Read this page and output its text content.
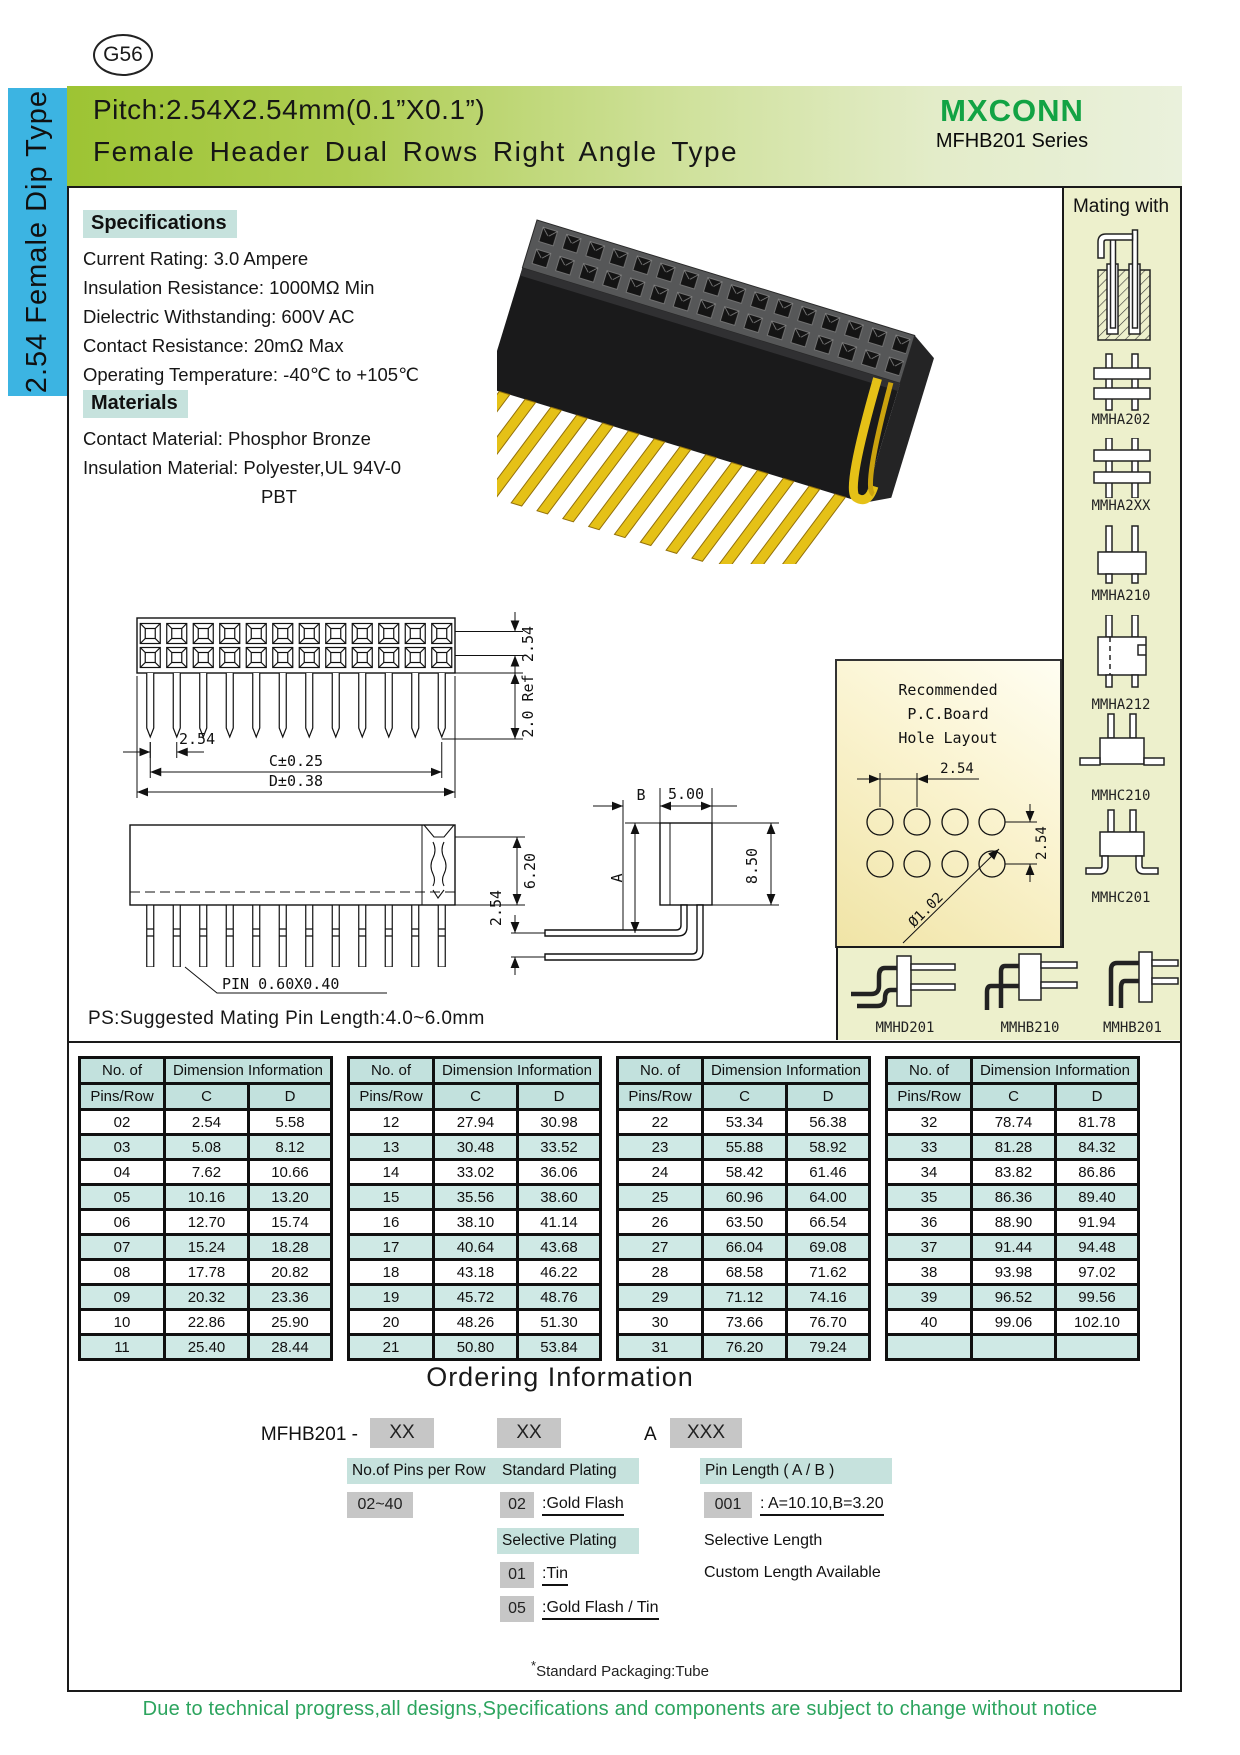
G56
2.54 Female Dip Type Pitch:2.54X2.54mm(0.1”X0.1”)
Female Header Dual Rows Right Angle Type
MXCONN
MFHB201 Series
Specifications
Current Rating: 3.0 Ampere
Insulation Resistance: 1000MΩ Min
Dielectric Withstanding: 600V AC
Contact Resistance: 20mΩ Max
Operating Temperature: -40℃ to +105℃
Materials
Contact Material: Phosphor Bronze
Insulation Material: Polyester,UL 94V-0
PBT
2.54
C±0.25
D±0.38
2.54
2.0 Ref
6.20
PIN 0.60X0.40
B 5.00
A
2.54
8.50
PS:Suggested Mating Pin Length:4.0~6.0mm
Recommended
P.C.Board
Hole Layout
2.54
2.54
Ø1.02
Mating with
MMHA202
MMHA2XX
MMHA210
MMHA212
MMHC210
MMHC201
MMHD201	MMHB210	MMHB201
No. of	Dimension Information	
Pins/Row	C	D
02	2.54	5.58
03	5.08	8.12
04	7.62	10.66
05	10.16	13.20
06	12.70	15.74
07	15.24	18.28
08	17.78	20.82
09	20.32	23.36
10	22.86	25.90
11	25.40	28.44
No. of	Dimension Information	
Pins/Row	C	D
12	27.94	30.98
13	30.48	33.52
14	33.02	36.06
15	35.56	38.60
16	38.10	41.14
17	40.64	43.68
18	43.18	46.22
19	45.72	48.76
20	48.26	51.30
21	50.80	53.84
No. of	Dimension Information	
Pins/Row	C	D
22	53.34	56.38
23	55.88	58.92
24	58.42	61.46
25	60.96	64.00
26	63.50	66.54
27	66.04	69.08
28	68.58	71.62
29	71.12	74.16
30	73.66	76.70
31	76.20	79.24
No. of	Dimension Information	
Pins/Row	C	D
32	78.74	81.78
33	81.28	84.32
34	83.82	86.86
35	86.36	89.40
36	88.90	91.94
37	91.44	94.48
38	93.98	97.02
39	96.52	99.56
40	99.06	102.10

Ordering Information
MFHB201 -	XX	XX	A	XXX
No.of Pins per Row
02~40
Standard Plating
02	:Gold Flash
Selective Plating
01	:Tin
05	:Gold Flash / Tin
Pin Length ( A / B )
001	: A=10.10,B=3.20
Selective Length
Custom Length Available
*Standard Packaging:Tube
Due to technical progress,all designs,Specifications and components are subject to change without notice
